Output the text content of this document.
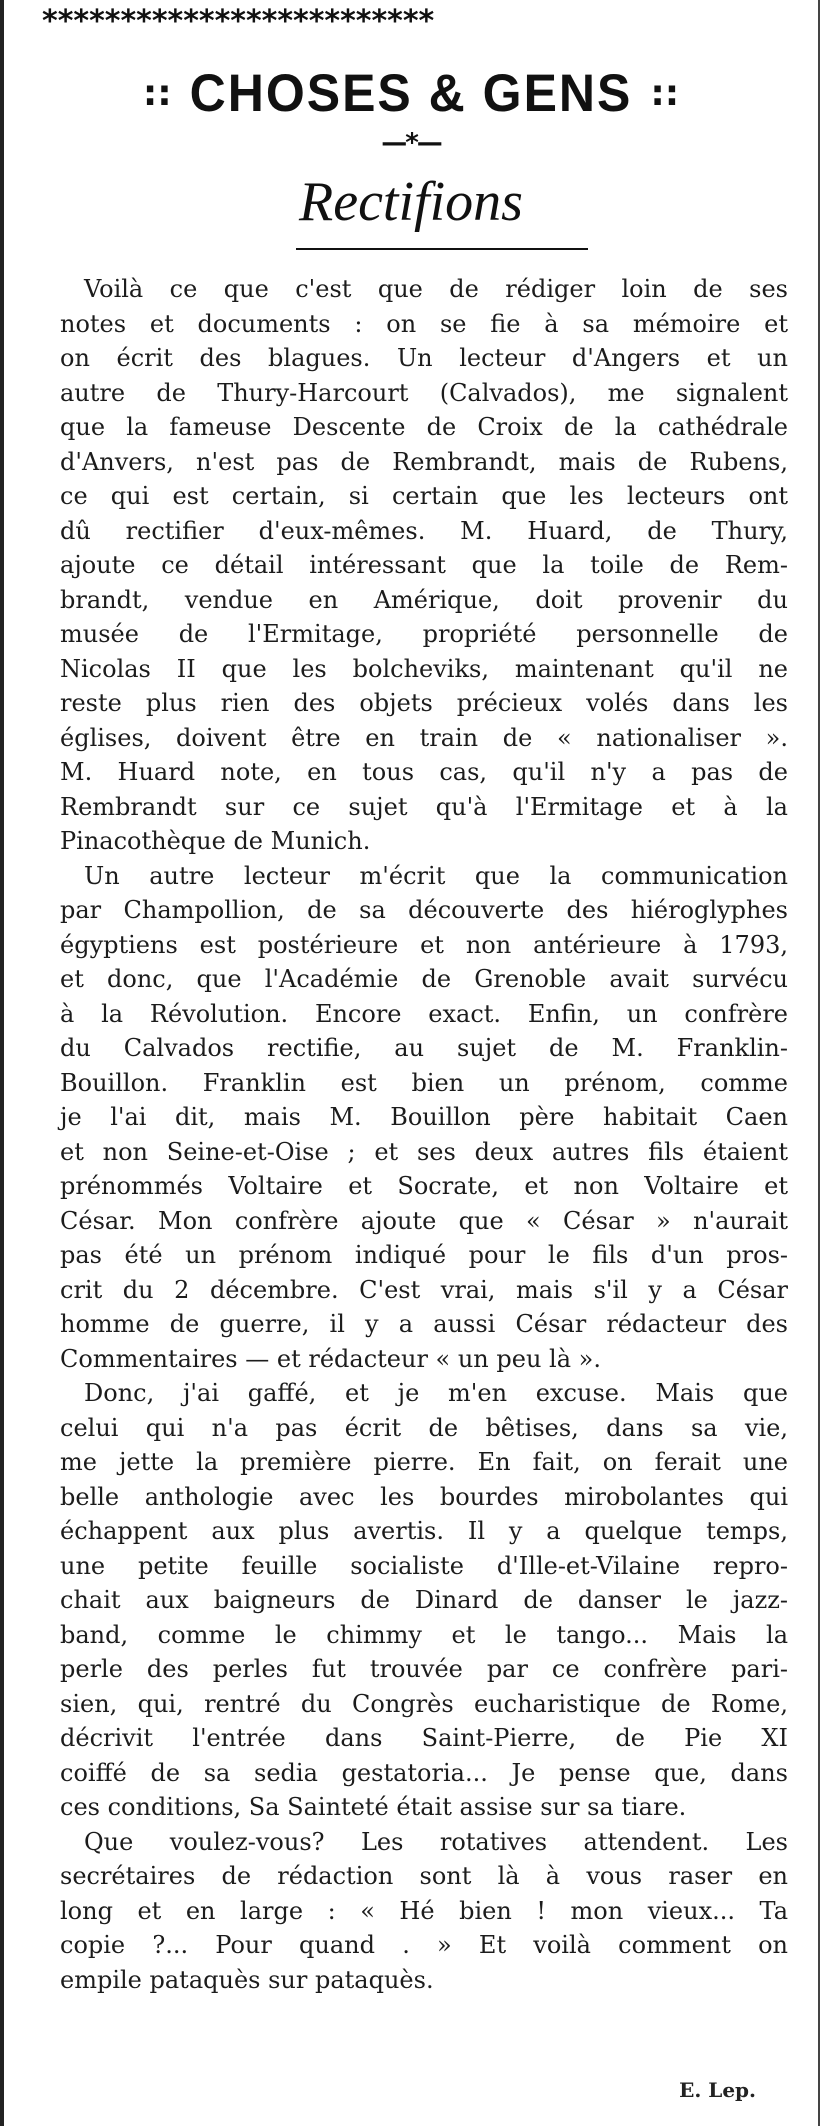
*************************
:: CHOSES & GENS ::
—*—
Rectifions
Voilà ce que c'est que de rédiger loin de ses
notes et documents : on se fie à sa mémoire et
on écrit des blagues. Un lecteur d'Angers et un
autre de Thury-Harcourt (Calvados), me signalent
que la fameuse Descente de Croix de la cathédrale
d'Anvers, n'est pas de Rembrandt, mais de Rubens,
ce qui est certain, si certain que les lecteurs ont
dû rectifier d'eux-mêmes. M. Huard, de Thury,
ajoute ce détail intéressant que la toile de Rem-
brandt, vendue en Amérique, doit provenir du
musée de l'Ermitage, propriété personnelle de
Nicolas II que les bolcheviks, maintenant qu'il ne
reste plus rien des objets précieux volés dans les
églises, doivent être en train de « nationaliser ».
M. Huard note, en tous cas, qu'il n'y a pas de
Rembrandt sur ce sujet qu'à l'Ermitage et à la
Pinacothèque de Munich.
Un autre lecteur m'écrit que la communication
par Champollion, de sa découverte des hiéroglyphes
égyptiens est postérieure et non antérieure à 1793,
et donc, que l'Académie de Grenoble avait survécu
à la Révolution. Encore exact. Enfin, un confrère
du Calvados rectifie, au sujet de M. Franklin-
Bouillon. Franklin est bien un prénom, comme
je l'ai dit, mais M. Bouillon père habitait Caen
et non Seine-et-Oise ; et ses deux autres fils étaient
prénommés Voltaire et Socrate, et non Voltaire et
César. Mon confrère ajoute que « César » n'aurait
pas été un prénom indiqué pour le fils d'un pros-
crit du 2 décembre. C'est vrai, mais s'il y a César
homme de guerre, il y a aussi César rédacteur des
Commentaires — et rédacteur « un peu là ».
Donc, j'ai gaffé, et je m'en excuse. Mais que
celui qui n'a pas écrit de bêtises, dans sa vie,
me jette la première pierre. En fait, on ferait une
belle anthologie avec les bourdes mirobolantes qui
échappent aux plus avertis. Il y a quelque temps,
une petite feuille socialiste d'Ille-et-Vilaine repro-
chait aux baigneurs de Dinard de danser le jazz-
band, comme le chimmy et le tango... Mais la
perle des perles fut trouvée par ce confrère pari-
sien, qui, rentré du Congrès eucharistique de Rome,
décrivit l'entrée dans Saint-Pierre, de Pie XI
coiffé de sa sedia gestatoria... Je pense que, dans
ces conditions, Sa Sainteté était assise sur sa tiare.
Que voulez-vous? Les rotatives attendent. Les
secrétaires de rédaction sont là à vous raser en
long et en large : « Hé bien ! mon vieux... Ta
copie ?... Pour quand . » Et voilà comment on
empile pataquès sur pataquès.
E. Lep.
